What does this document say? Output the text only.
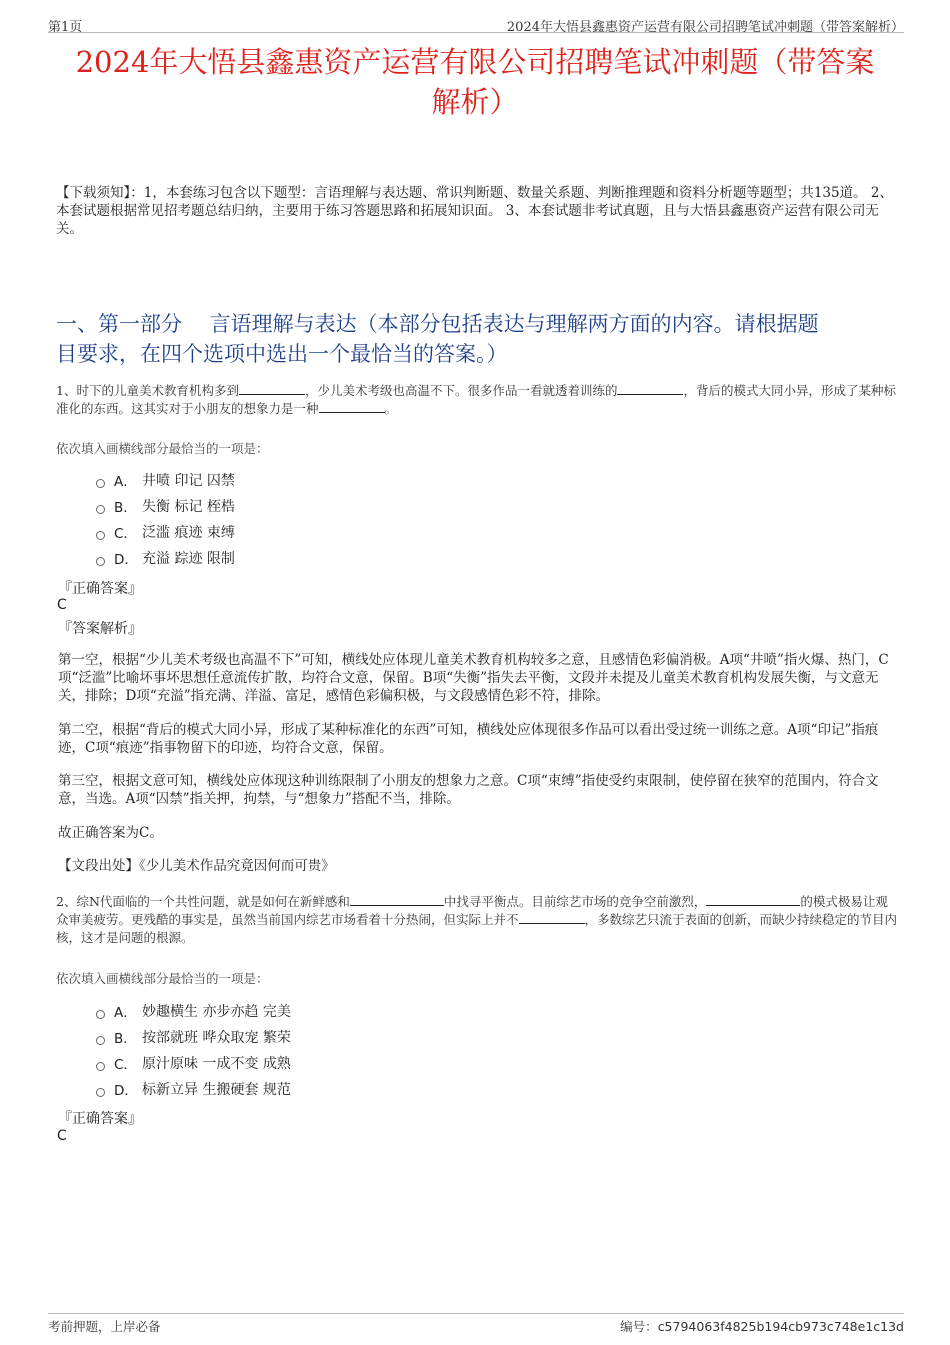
第1页	2024年大悟县鑫惠资产运营有限公司招聘笔试冲刺题（带答案解析）
2024年大悟县鑫惠资产运营有限公司招聘笔试冲刺题（带答案
解析）
【下载须知】：1，本套练习包含以下题型：言语理解与表达题、常识判断题、数量关系题、判断推理题和资料分析题等题型；共135道。 2、本套试题根据常见招考题总结归纳，主要用于练习答题思路和拓展知识面。 3、本套试题非考试真题，且与大悟县鑫惠资产运营有限公司无关。
一、第一部分　 言语理解与表达（本部分包括表达与理解两方面的内容。请根据题
目要求，在四个选项中选出一个最恰当的答案。）
1、时下的儿童美术教育机构多到	，少儿美术考级也高温不下。很多作品一看就透着训练的	，背后的模式大同小异，形成了某种标准化的东西。这其实对于小朋友的想象力是一种	。
依次填入画横线部分最恰当的一项是：
A． 井喷 印记 囚禁
B． 失衡 标记 桎梏
C． 泛滥 痕迹 束缚
D． 充溢 踪迹 限制
『正确答案』
C
『答案解析』
第一空，根据“少儿美术考级也高温不下”可知，横线处应体现儿童美术教育机构较多之意，且感情色彩偏消极。A项“井喷”指火爆、热门，C项“泛滥”比喻坏事坏思想任意流传扩散，均符合文意，保留。B项“失衡”指失去平衡，文段并未提及儿童美术教育机构发展失衡，与文意无关，排除；D项“充溢”指充满、洋溢、富足，感情色彩偏积极，与文段感情色彩不符，排除。
第二空，根据“背后的模式大同小异，形成了某种标准化的东西”可知，横线处应体现很多作品可以看出受过统一训练之意。A项“印记”指痕迹，C项“痕迹”指事物留下的印迹，均符合文意，保留。
第三空，根据文意可知，横线处应体现这种训练限制了小朋友的想象力之意。C项“束缚”指使受约束限制，使停留在狭窄的范围内，符合文意，当选。A项“囚禁”指关押，拘禁，与“想象力”搭配不当，排除。
故正确答案为C。
【文段出处】《少儿美术作品究竟因何而可贵》
2、综N代面临的一个共性问题，就是如何在新鲜感和	中找寻平衡点。目前综艺市场的竞争空前激烈，	的模式极易让观众审美疲劳。更残酷的事实是，虽然当前国内综艺市场看着十分热闹，但实际上并不	，多数综艺只流于表面的创新，而缺少持续稳定的节目内核，这才是问题的根源。
依次填入画横线部分最恰当的一项是：
A． 妙趣横生 亦步亦趋 完美
B． 按部就班 哗众取宠 繁荣
C． 原汁原味 一成不变 成熟
D． 标新立异 生搬硬套 规范
『正确答案』
C
考前押题，上岸必备	编号：c5794063f4825b194cb973c748e1c13d
